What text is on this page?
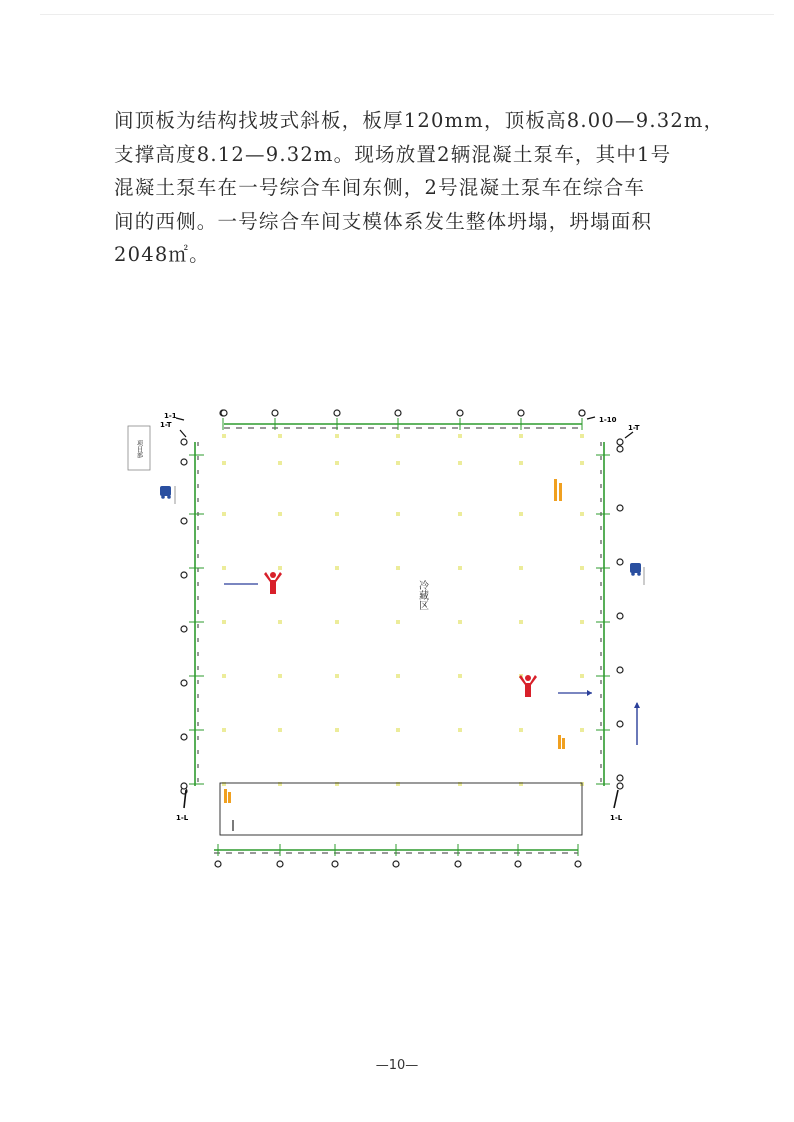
间顶板为结构找坡式斜板，板厚120mm，顶板高8.00—9.32m，
支撑高度8.12—9.32m。现场放置2辆混凝土泵车，其中1号
混凝土泵车在一号综合车间东侧，2号混凝土泵车在综合车
间的西侧。一号综合车间支模体系发生整体坍塌，坍塌面积
2048㎡。
1-1	1-10
1-T	1-T
1-L	1-L
项目部
冷藏区
—10—
